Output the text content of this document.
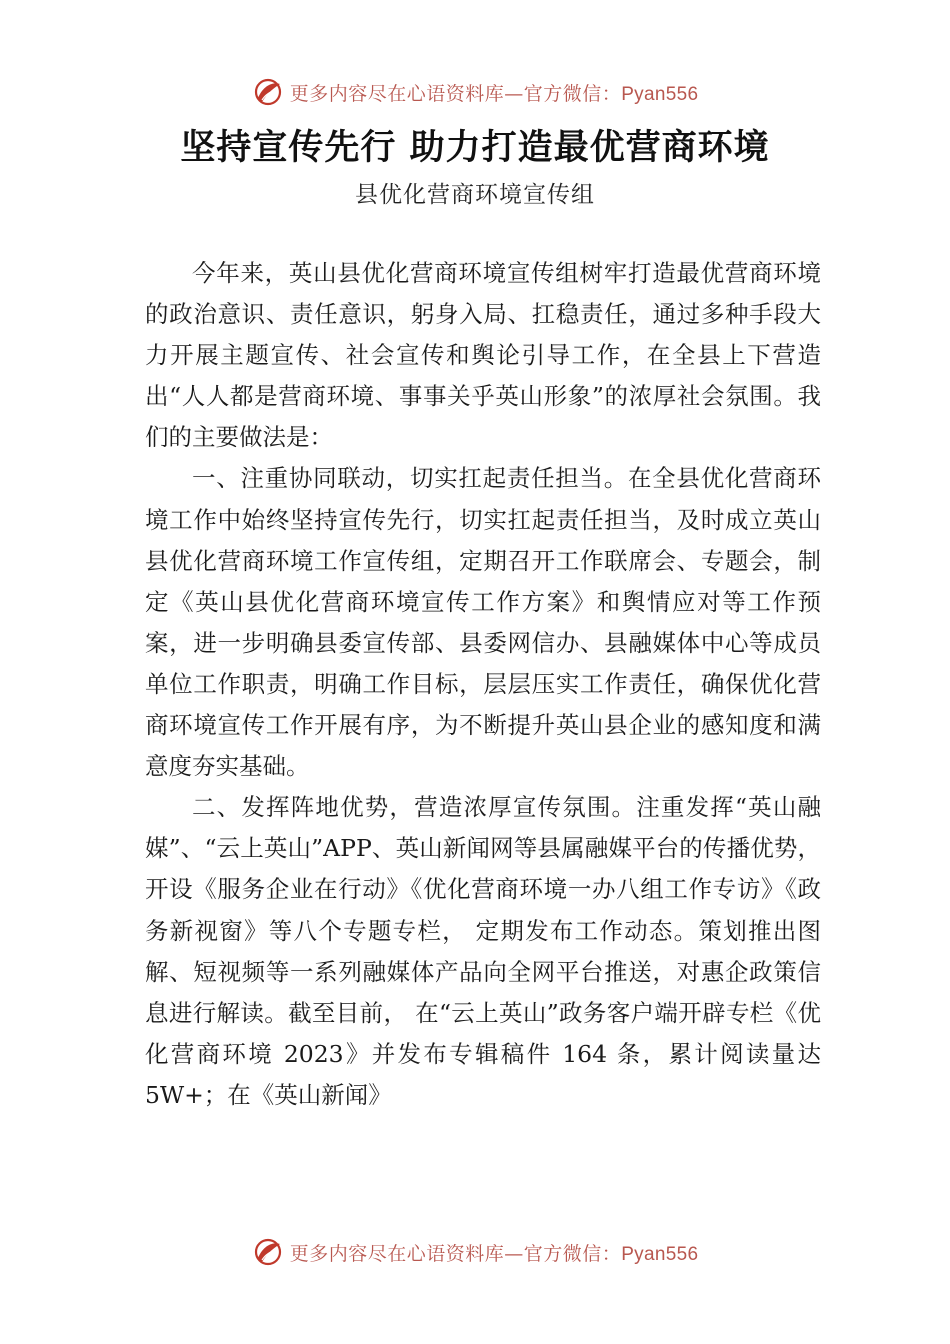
更多内容尽在心语资料库—官方微信：Pyan556
坚持宣传先行 助力打造最优营商环境
县优化营商环境宣传组

今年来，英山县优化营商环境宣传组树牢打造最优营商环境的政治意识、责任意识，躬身入局、扛稳责任，通过多种手段大力开展主题宣传、社会宣传和舆论引导工作，在全县上下营造出“人人都是营商环境、事事关乎英山形象”的浓厚社会氛围。我们的主要做法是：

一、注重协同联动，切实扛起责任担当。在全县优化营商环境工作中始终坚持宣传先行，切实扛起责任担当，及时成立英山县优化营商环境工作宣传组，定期召开工作联席会、专题会，制定《英山县优化营商环境宣传工作方案》和舆情应对等工作预案，进一步明确县委宣传部、县委网信办、县融媒体中心等成员单位工作职责，明确工作目标，层层压实工作责任，确保优化营商环境宣传工作开展有序，为不断提升英山县企业的感知度和满意度夯实基础。

二、发挥阵地优势，营造浓厚宣传氛围。注重发挥“英山融媒”、“云上英山”APP、英山新闻网等县属融媒平台的传播优势，开设《服务企业在行动》《优化营商环境一办八组工作专访》《政务新视窗》等八个专题专栏， 定期发布工作动态。策划推出图解、短视频等一系列融媒体产品向全网平台推送，对惠企政策信息进行解读。截至目前， 在“云上英山”政务客户端开辟专栏《优化营商环境 2023》并发布专辑稿件 164 条，累计阅读量达 5W+；在《英山新闻》

更多内容尽在心语资料库—官方微信：Pyan556
